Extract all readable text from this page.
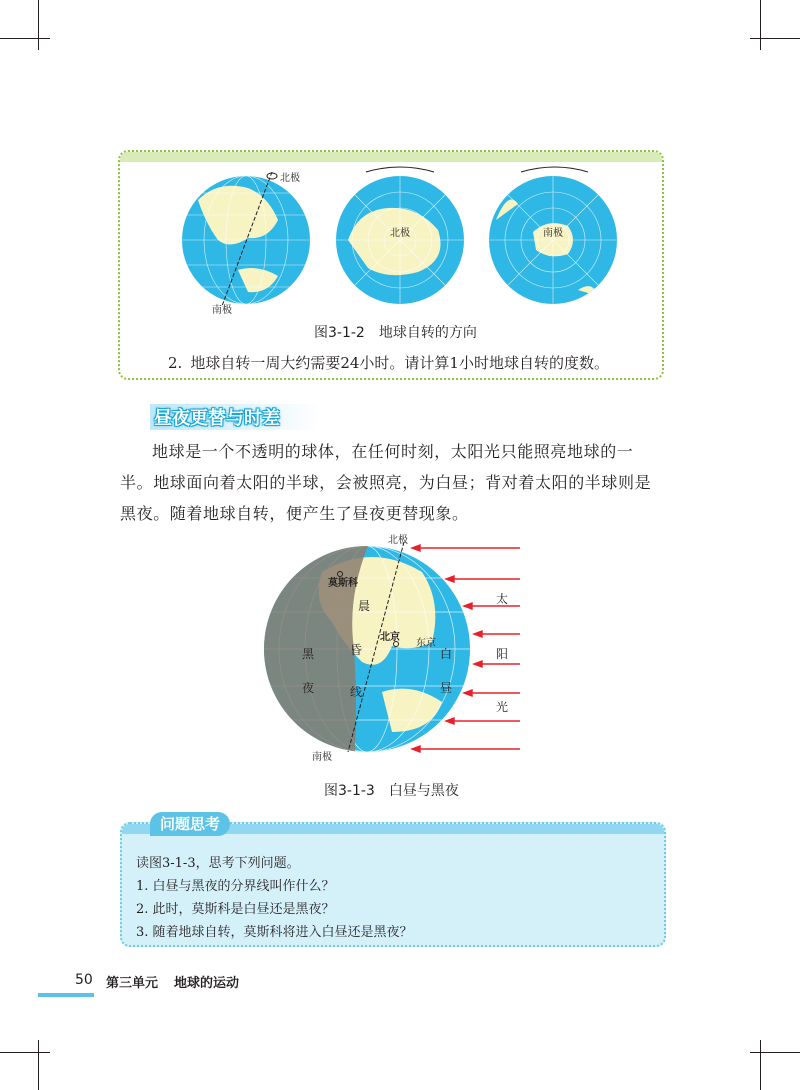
北极
南极
北极	南极
图3-1-2　地球自转的方向
2. 地球自转一周大约需要24小时。请计算1小时地球自转的度数。
昼夜更替与时差
地球是一个不透明的球体，在任何时刻，太阳光只能照亮地球的一半。地球面向着太阳的半球，会被照亮，为白昼；背对着太阳的半球则是黑夜。随着地球自转，便产生了昼夜更替现象。
北极
南极
莫斯科
北京
东京
黑
夜
晨
昏
线
白
昼
太
阳
光
图3-1-3　白昼与黑夜
问题思考
读图3-1-3，思考下列问题。
1. 白昼与黑夜的分界线叫作什么？
2. 此时，莫斯科是白昼还是黑夜？
3. 随着地球自转，莫斯科将进入白昼还是黑夜？
50 第三单元 地球的运动
